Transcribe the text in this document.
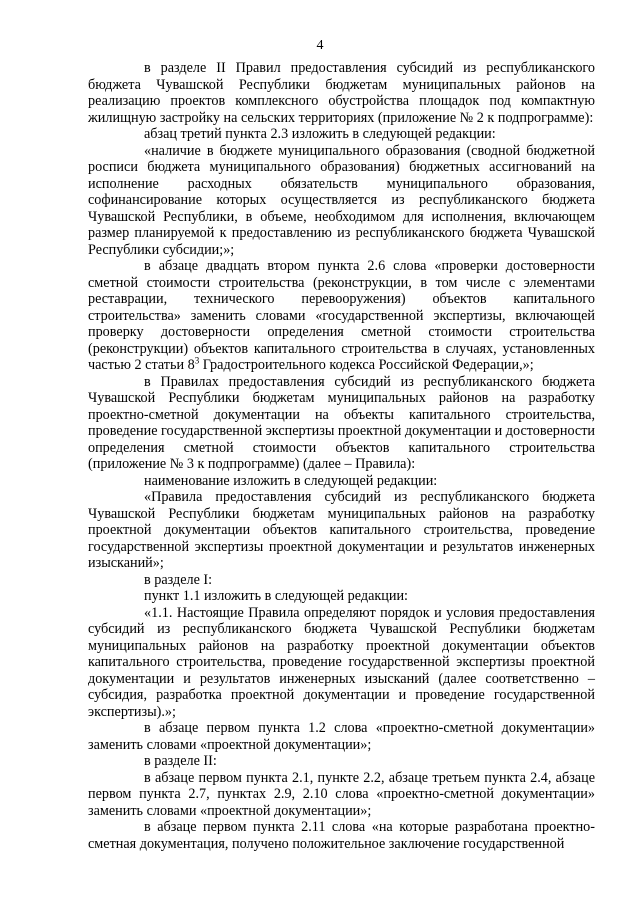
4

в разделе II Правил предоставления субсидий из республиканского бюджета Чувашской Республики бюджетам муниципальных районов на реализацию проектов комплексного обустройства площадок под компактную жилищную застройку на сельских территориях (приложение № 2 к подпрограмме):

абзац третий пункта 2.3 изложить в следующей редакции:

«наличие в бюджете муниципального образования (сводной бюджетной росписи бюджета муниципального образования) бюджетных ассигнований на исполнение расходных обязательств муниципального образования, софинансирование которых осуществляется из республиканского бюджета Чувашской Республики, в объеме, необходимом для исполнения, включающем размер планируемой к предоставлению из республиканского бюджета Чувашской Республики субсидии;»;

в абзаце двадцать втором пункта 2.6 слова «проверки достоверности сметной стоимости строительства (реконструкции, в том числе с элементами реставрации, технического перевооружения) объектов капитального строительства» заменить словами «государственной экспертизы, включающей проверку достоверности определения сметной стоимости строительства (реконструкции) объектов капитального строительства в случаях, установленных частью 2 статьи $8^3$ Градостроительного кодекса Российской Федерации,»;

в Правилах предоставления субсидий из республиканского бюджета Чувашской Республики бюджетам муниципальных районов на разработку проектно-сметной документации на объекты капитального строительства, проведение государственной экспертизы проектной документации и достоверности определения сметной стоимости объектов капитального строительства (приложение № 3 к подпрограмме) (далее – Правила):

наименование изложить в следующей редакции:

«Правила предоставления субсидий из республиканского бюджета Чувашской Республики бюджетам муниципальных районов на разработку проектной документации объектов капитального строительства, проведение государственной экспертизы проектной документации и результатов инженерных изысканий»;

в разделе I:

пункт 1.1 изложить в следующей редакции:

«1.1. Настоящие Правила определяют порядок и условия предоставления субсидий из республиканского бюджета Чувашской Республики бюджетам муниципальных районов на разработку проектной документации объектов капитального строительства, проведение государственной экспертизы проектной документации и результатов инженерных изысканий (далее соответственно – субсидия, разработка проектной документации и проведение государственной экспертизы).»;

в абзаце первом пункта 1.2 слова «проектно-сметной документации» заменить словами «проектной документации»;

в разделе II:

в абзаце первом пункта 2.1, пункте 2.2, абзаце третьем пункта 2.4, абзаце первом пункта 2.7, пунктах 2.9, 2.10 слова «проектно-сметной документации» заменить словами «проектной документации»;

в абзаце первом пункта 2.11 слова «на которые разработана проектно-сметная документация, получено положительное заключение государственной
